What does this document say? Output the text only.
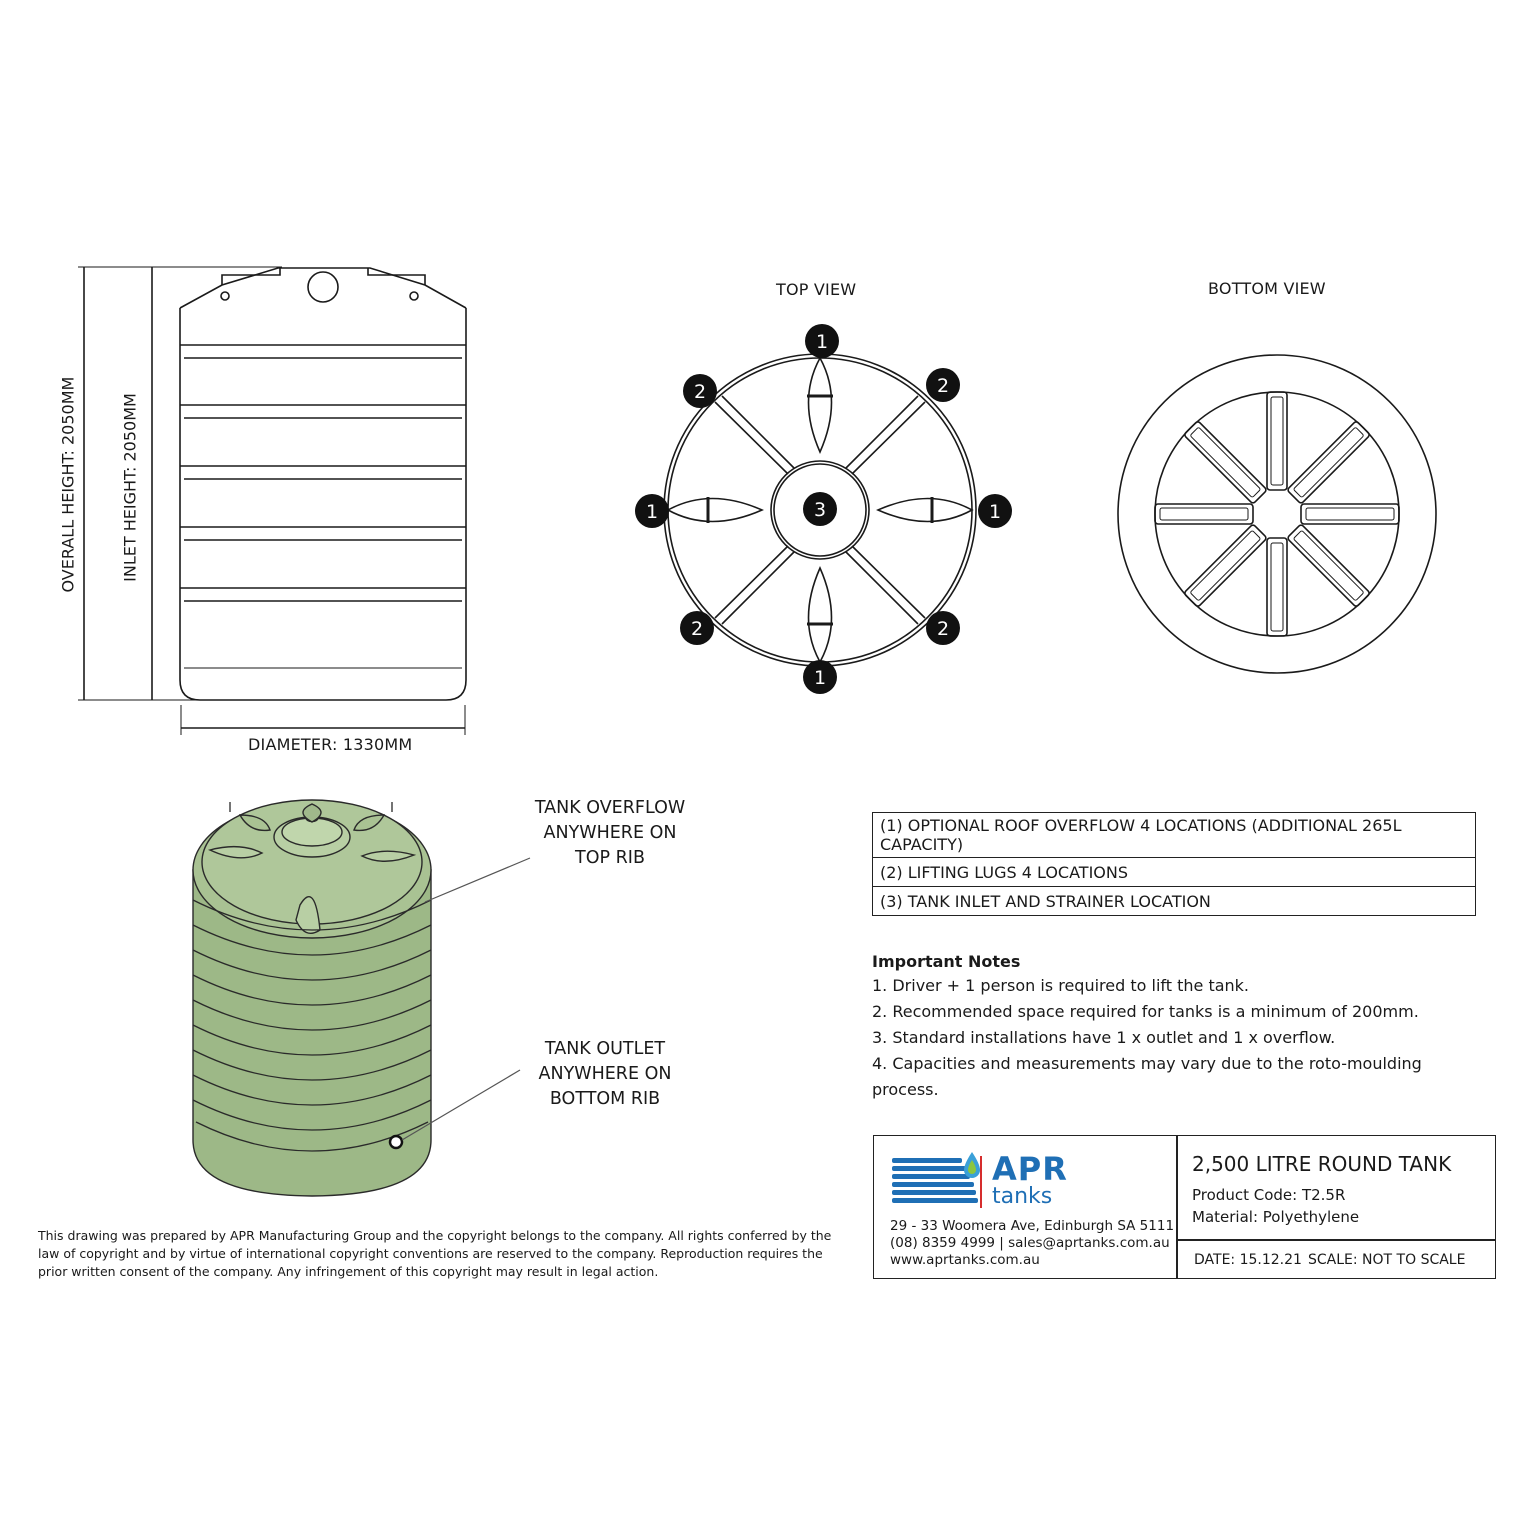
OVERALL HEIGHT: 2050MM	INLET HEIGHT: 2050MM
DIAMETER: 1330MM
TOP VIEW
1
1
1	1
2	2
2	2
3
BOTTOM VIEW
TANK OVERFLOW
ANYWHERE ON
TOP RIB
TANK OUTLET
ANYWHERE ON
BOTTOM RIB
(1) OPTIONAL ROOF OVERFLOW 4 LOCATIONS (ADDITIONAL 265L CAPACITY)
(2) LIFTING LUGS 4 LOCATIONS
(3) TANK INLET AND STRAINER LOCATION
Important Notes
1. Driver + 1 person is required to lift the tank.
2. Recommended space required for tanks is a minimum of 200mm.
3. Standard installations have 1 x outlet and 1 x overflow.
4. Capacities and measurements may vary due to the roto-moulding process.
APR
tanks
29 - 33 Woomera Ave, Edinburgh SA 5111
(08) 8359 4999 | sales@aprtanks.com.au
www.aprtanks.com.au
2,500 LITRE ROUND TANK
Product Code: T2.5R
Material: Polyethylene
DATE: 15.12.21 SCALE: NOT TO SCALE
This drawing was prepared by APR Manufacturing Group and the copyright belongs to the company. All rights conferred by the
law of copyright and by virtue of international copyright conventions are reserved to the company. Reproduction requires the
prior written consent of the company. Any infringement of this copyright may result in legal action.
